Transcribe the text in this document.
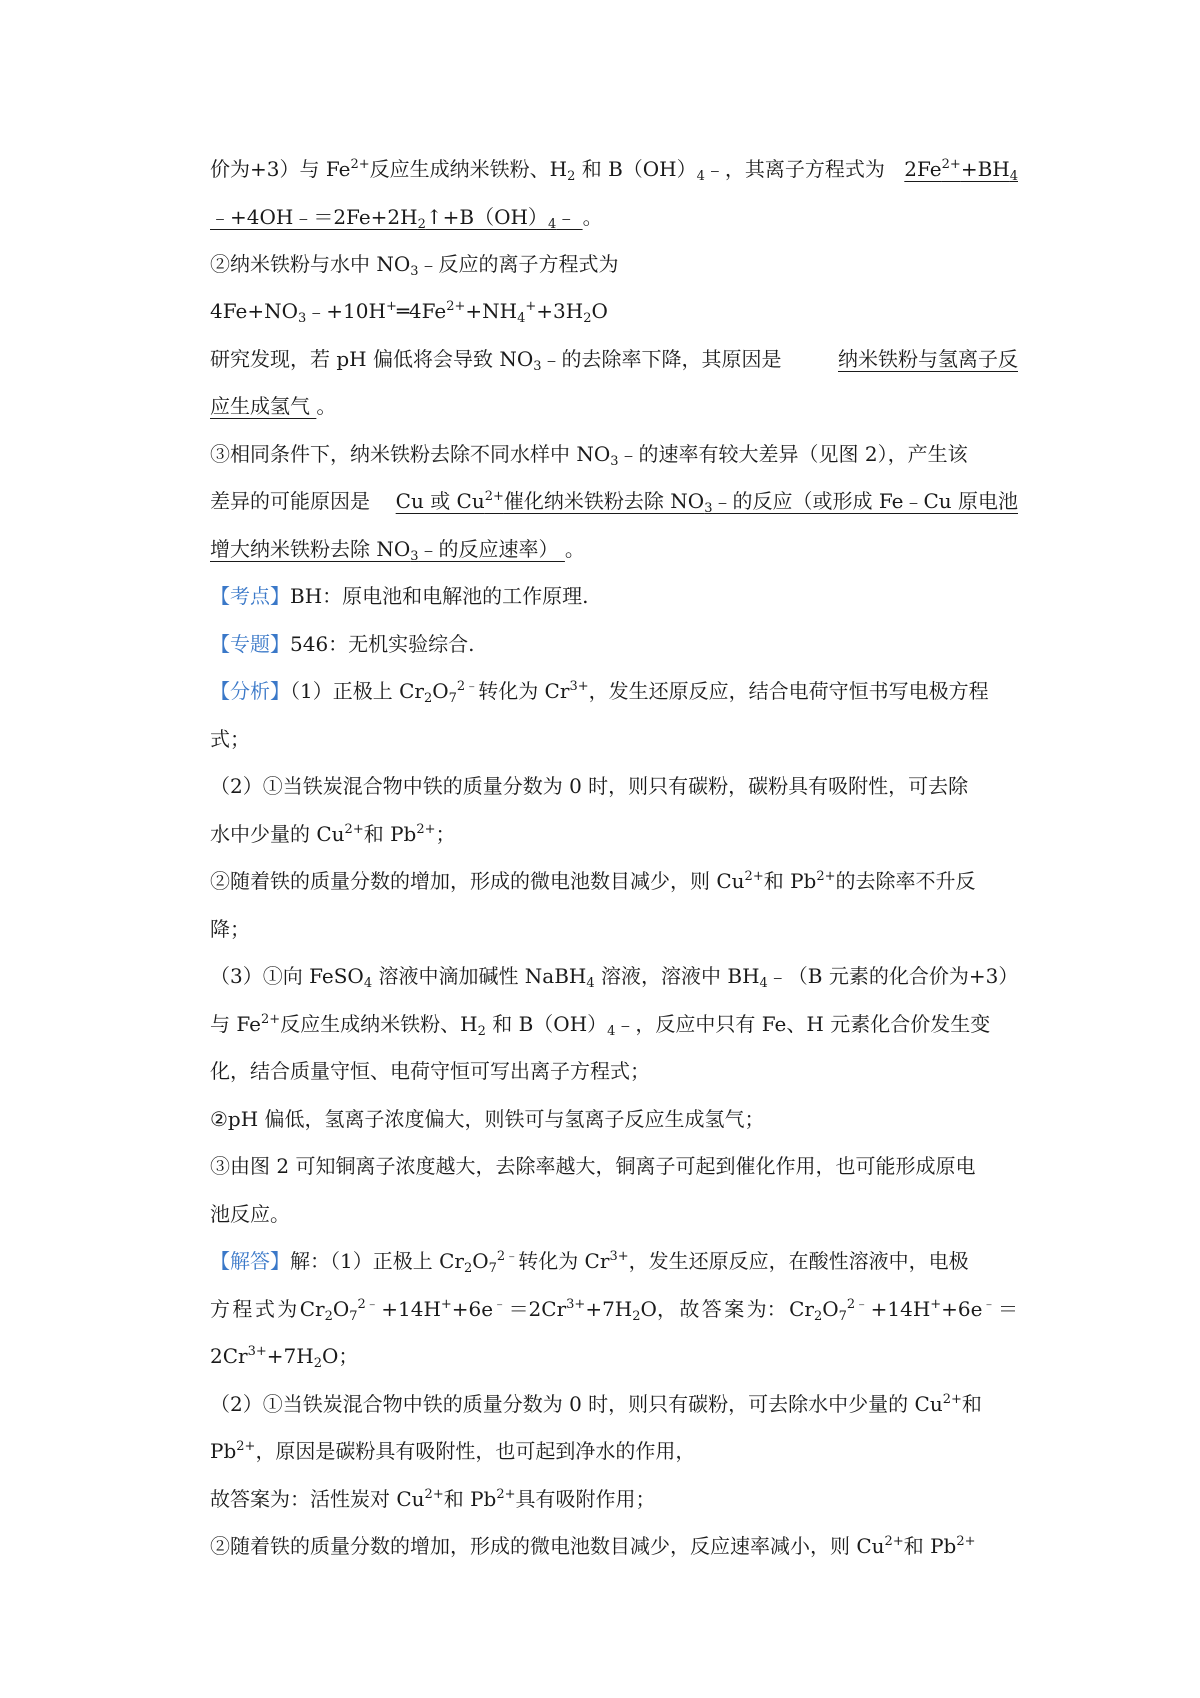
价为+3）与 $Fe^{2+}$反应生成纳米铁粉、$H_2$ 和 $B(OH)_4﹣$，其离子方程式为 $2Fe^{2+}+BH_4$
$﹣+4OH﹣=2Fe+2H_2↑+B(OH)_4﹣$ 。
②纳米铁粉与水中 $NO_3﹣$反应的离子方程式为
$4Fe+NO_3﹣+10H^+═4Fe^{2+}+NH_4^++3H_2O$
研究发现，若 pH 偏低将会导致 $NO_3﹣$的去除率下降，其原因是	纳米铁粉与氢离子反
应生成氢气 。
③相同条件下，纳米铁粉去除不同水样中 $NO_3﹣$的速率有较大差异（见图 2），产生该
差异的可能原因是 Cu 或 $Cu^{2+}$催化纳米铁粉去除 $NO_3﹣$的反应（或形成 Fe﹣Cu 原电池
增大纳米铁粉去除 $NO_3﹣$的反应速率） 。
【考点】BH：原电池和电解池的工作原理.
【专题】546：无机实验综合.
【分析】（1）正极上 $Cr_2O_7^{2﹣}$转化为 $Cr^{3+}$，发生还原反应，结合电荷守恒书写电极方程
式；
（2）①当铁炭混合物中铁的质量分数为 0 时，则只有碳粉，碳粉具有吸附性，可去除
水中少量的 $Cu^{2+}$和 $Pb^{2+}$；
②随着铁的质量分数的增加，形成的微电池数目减少，则 $Cu^{2+}$和 $Pb^{2+}$的去除率不升反
降；
（3）①向 FeSO$_4$ 溶液中滴加碱性 NaBH$_4$ 溶液，溶液中 $BH_4﹣(B$ 元素的化合价为+3）
与 $Fe^{2+}$反应生成纳米铁粉、$H_2$ 和 $B(OH)_4﹣$，反应中只有 Fe、H 元素化合价发生变
化，结合质量守恒、电荷守恒可写出离子方程式；
②pH 偏低，氢离子浓度偏大，则铁可与氢离子反应生成氢气；
③由图 2 可知铜离子浓度越大，去除率越大，铜离子可起到催化作用，也可能形成原电
池反应。
【解答】解：（1）正极上 $Cr_2O_7^{2﹣}$转化为 $Cr^{3+}$，发生还原反应，在酸性溶液中，电极
方 程 式 为 $Cr_2O_7^{2﹣} +14H^++6e^﹣ =2Cr^{3+}+7H_2O$， 故 答 案 为： $Cr_2O_7^{2﹣} +14H^++6e^﹣$ ＝
$2Cr^{3+}+7H_2O$；
（2）①当铁炭混合物中铁的质量分数为 0 时，则只有碳粉，可去除水中少量的 $Cu^{2+}$和
$Pb^{2+}$，原因是碳粉具有吸附性，也可起到净水的作用，
故答案为：活性炭对 $Cu^{2+}$和 $Pb^{2+}$具有吸附作用；
②随着铁的质量分数的增加，形成的微电池数目减少，反应速率减小，则 $Cu^{2+}$和 $Pb^{2+}$
